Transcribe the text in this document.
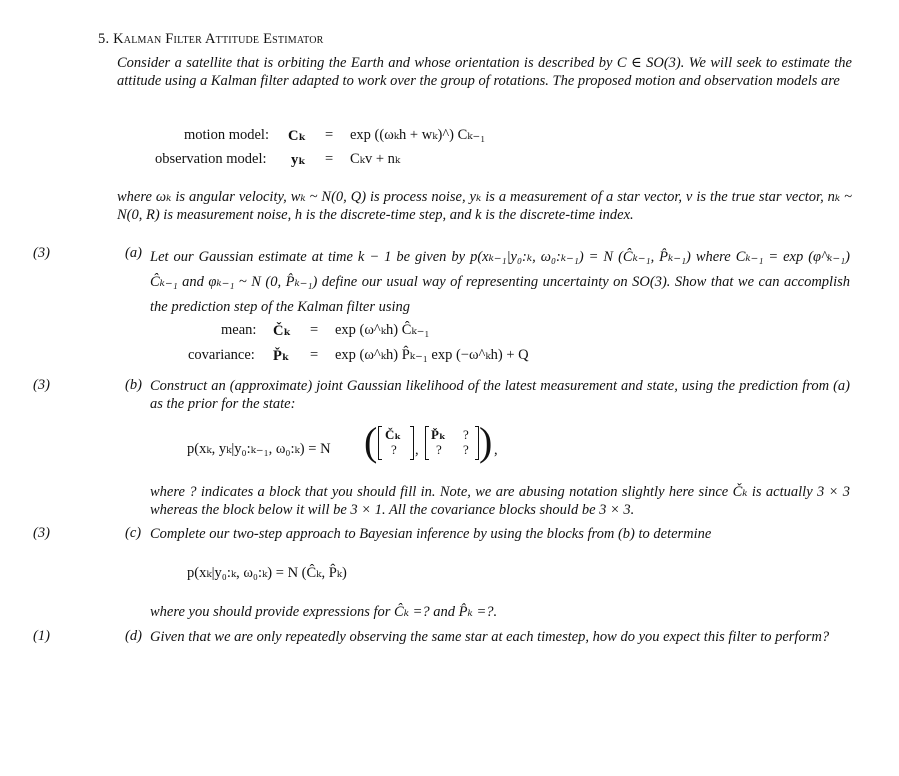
5. Kalman Filter Attitude Estimator
Consider a satellite that is orbiting the Earth and whose orientation is described by C ∈ SO(3). We will seek to estimate the attitude using a Kalman filter adapted to work over the group of rotations. The proposed motion and observation models are
motion model: Cₖ = exp ((ωₖh + wₖ)^) Cₖ₋₁
observation model: yₖ = Cₖv + nₖ
where ωₖ is angular velocity, wₖ ~ N(0, Q) is process noise, yₖ is a measurement of a star vector, v is the true star vector, nₖ ~ N(0, R) is measurement noise, h is the discrete-time step, and k is the discrete-time index.
(3)	(a) Let our Gaussian estimate at time k − 1 be given by p(xₖ₋₁|y₀:ₖ, ω₀:ₖ₋₁) = N (Ĉₖ₋₁, P̂ₖ₋₁) where Cₖ₋₁ = exp (φ^ₖ₋₁) Ĉₖ₋₁ and φₖ₋₁ ~ N (0, P̂ₖ₋₁) define our usual way of representing uncertainty on SO(3). Show that we can accomplish the prediction step of the Kalman filter using
mean: Čₖ = exp (ω^ₖh) Ĉₖ₋₁
covariance: P̌ₖ = exp (ω^ₖh) P̂ₖ₋₁ exp (−ω^ₖh) + Q
(3)	(b) Construct an (approximate) joint Gaussian likelihood of the latest measurement and state, using the prediction from (a) as the prior for the state:
p(xₖ, yₖ|y₀:ₖ₋₁, ω₀:ₖ) = N ( Čₖ
? ,
P̌ₖ ?
? ? ) ,
where ? indicates a block that you should fill in. Note, we are abusing notation slightly here since Čₖ is actually 3 × 3 whereas the block below it will be 3 × 1. All the covariance blocks should be 3 × 3.
(3)	(c) Complete our two-step approach to Bayesian inference by using the blocks from (b) to determine
p(xₖ|y₀:ₖ, ω₀:ₖ) = N (Ĉₖ, P̂ₖ)
where you should provide expressions for Ĉₖ =? and P̂ₖ =?.
(1)	(d) Given that we are only repeatedly observing the same star at each timestep, how do you expect this filter to perform?
